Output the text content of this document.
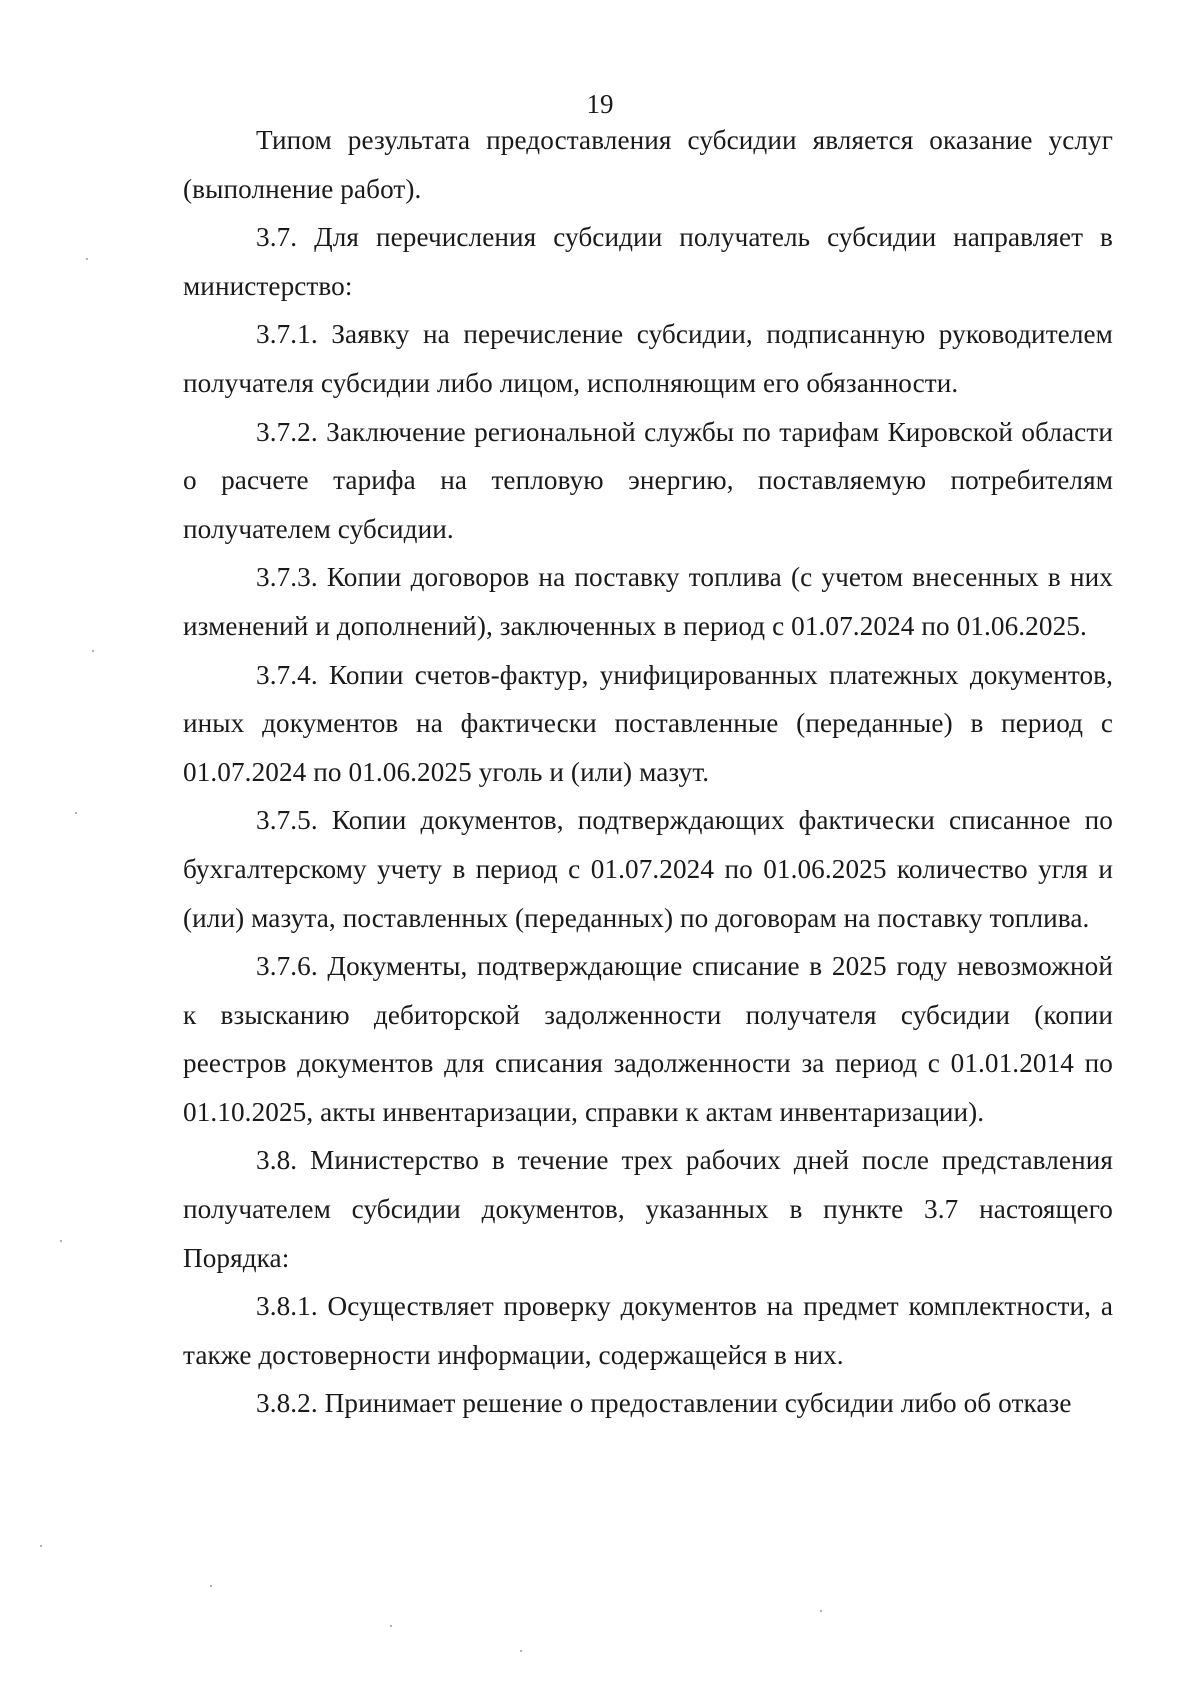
19

Типом результата предоставления субсидии является оказание услуг (выполнение работ).

3.7. Для перечисления субсидии получатель субсидии направляет в министерство:

3.7.1. Заявку на перечисление субсидии, подписанную руководителем получателя субсидии либо лицом, исполняющим его обязанности.

3.7.2. Заключение региональной службы по тарифам Кировской области о расчете тарифа на тепловую энергию, поставляемую потребителям получателем субсидии.

3.7.3. Копии договоров на поставку топлива (с учетом внесенных в них изменений и дополнений), заключенных в период с 01.07.2024 по 01.06.2025.

3.7.4. Копии счетов-фактур, унифицированных платежных документов, иных документов на фактически поставленные (переданные) в период с 01.07.2024 по 01.06.2025 уголь и (или) мазут.

3.7.5. Копии документов, подтверждающих фактически списанное по бухгалтерскому учету в период с 01.07.2024 по 01.06.2025 количество угля и (или) мазута, поставленных (переданных) по договорам на поставку топлива.

3.7.6. Документы, подтверждающие списание в 2025 году невозможной к взысканию дебиторской задолженности получателя субсидии (копии реестров документов для списания задолженности за период с 01.01.2014 по 01.10.2025, акты инвентаризации, справки к актам инвентаризации).

3.8. Министерство в течение трех рабочих дней после представления получателем субсидии документов, указанных в пункте 3.7 настоящего Порядка:

3.8.1. Осуществляет проверку документов на предмет комплектности, а также достоверности информации, содержащейся в них.

3.8.2. Принимает решение о предоставлении субсидии либо об отказе
